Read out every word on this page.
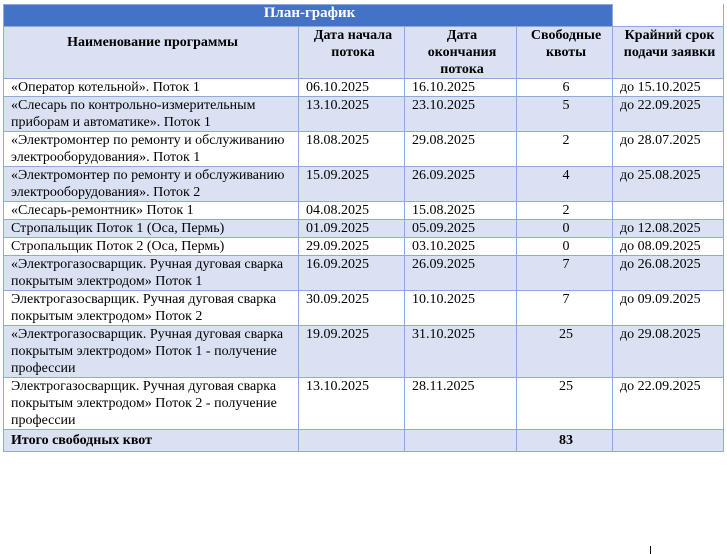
План-график				
Наименование программы	Дата начала потока	Дата окончания потока	Свободные квоты	Крайний срок подачи заявки
«Оператор котельной». Поток 1	06.10.2025	16.10.2025	6	до 15.10.2025
«Слесарь по контрольно-измерительным приборам и автоматике». Поток 1	13.10.2025	23.10.2025	5	до 22.09.2025
«Электромонтер по ремонту и обслуживанию электрооборудования». Поток 1	18.08.2025	29.08.2025	2	до 28.07.2025
«Электромонтер по ремонту и обслуживанию электрооборудования». Поток 2	15.09.2025	26.09.2025	4	до 25.08.2025
«Слесарь-ремонтник» Поток 1	04.08.2025	15.08.2025	2	
Стропальщик Поток 1 (Оса, Пермь)	01.09.2025	05.09.2025	0	до 12.08.2025
Стропальщик Поток 2 (Оса, Пермь)	29.09.2025	03.10.2025	0	до 08.09.2025
«Электрогазосварщик. Ручная дуговая сварка покрытым электродом» Поток 1	16.09.2025	26.09.2025	7	до 26.08.2025
Электрогазосварщик. Ручная дуговая сварка покрытым электродом» Поток 2	30.09.2025	10.10.2025	7	до 09.09.2025
«Электрогазосварщик. Ручная дуговая сварка покрытым электродом» Поток 1 - получение профессии	19.09.2025	31.10.2025	25	до 29.08.2025
Электрогазосварщик. Ручная дуговая сварка покрытым электродом» Поток 2 - получение профессии	13.10.2025	28.11.2025	25	до 22.09.2025
Итого свободных квот			83	
